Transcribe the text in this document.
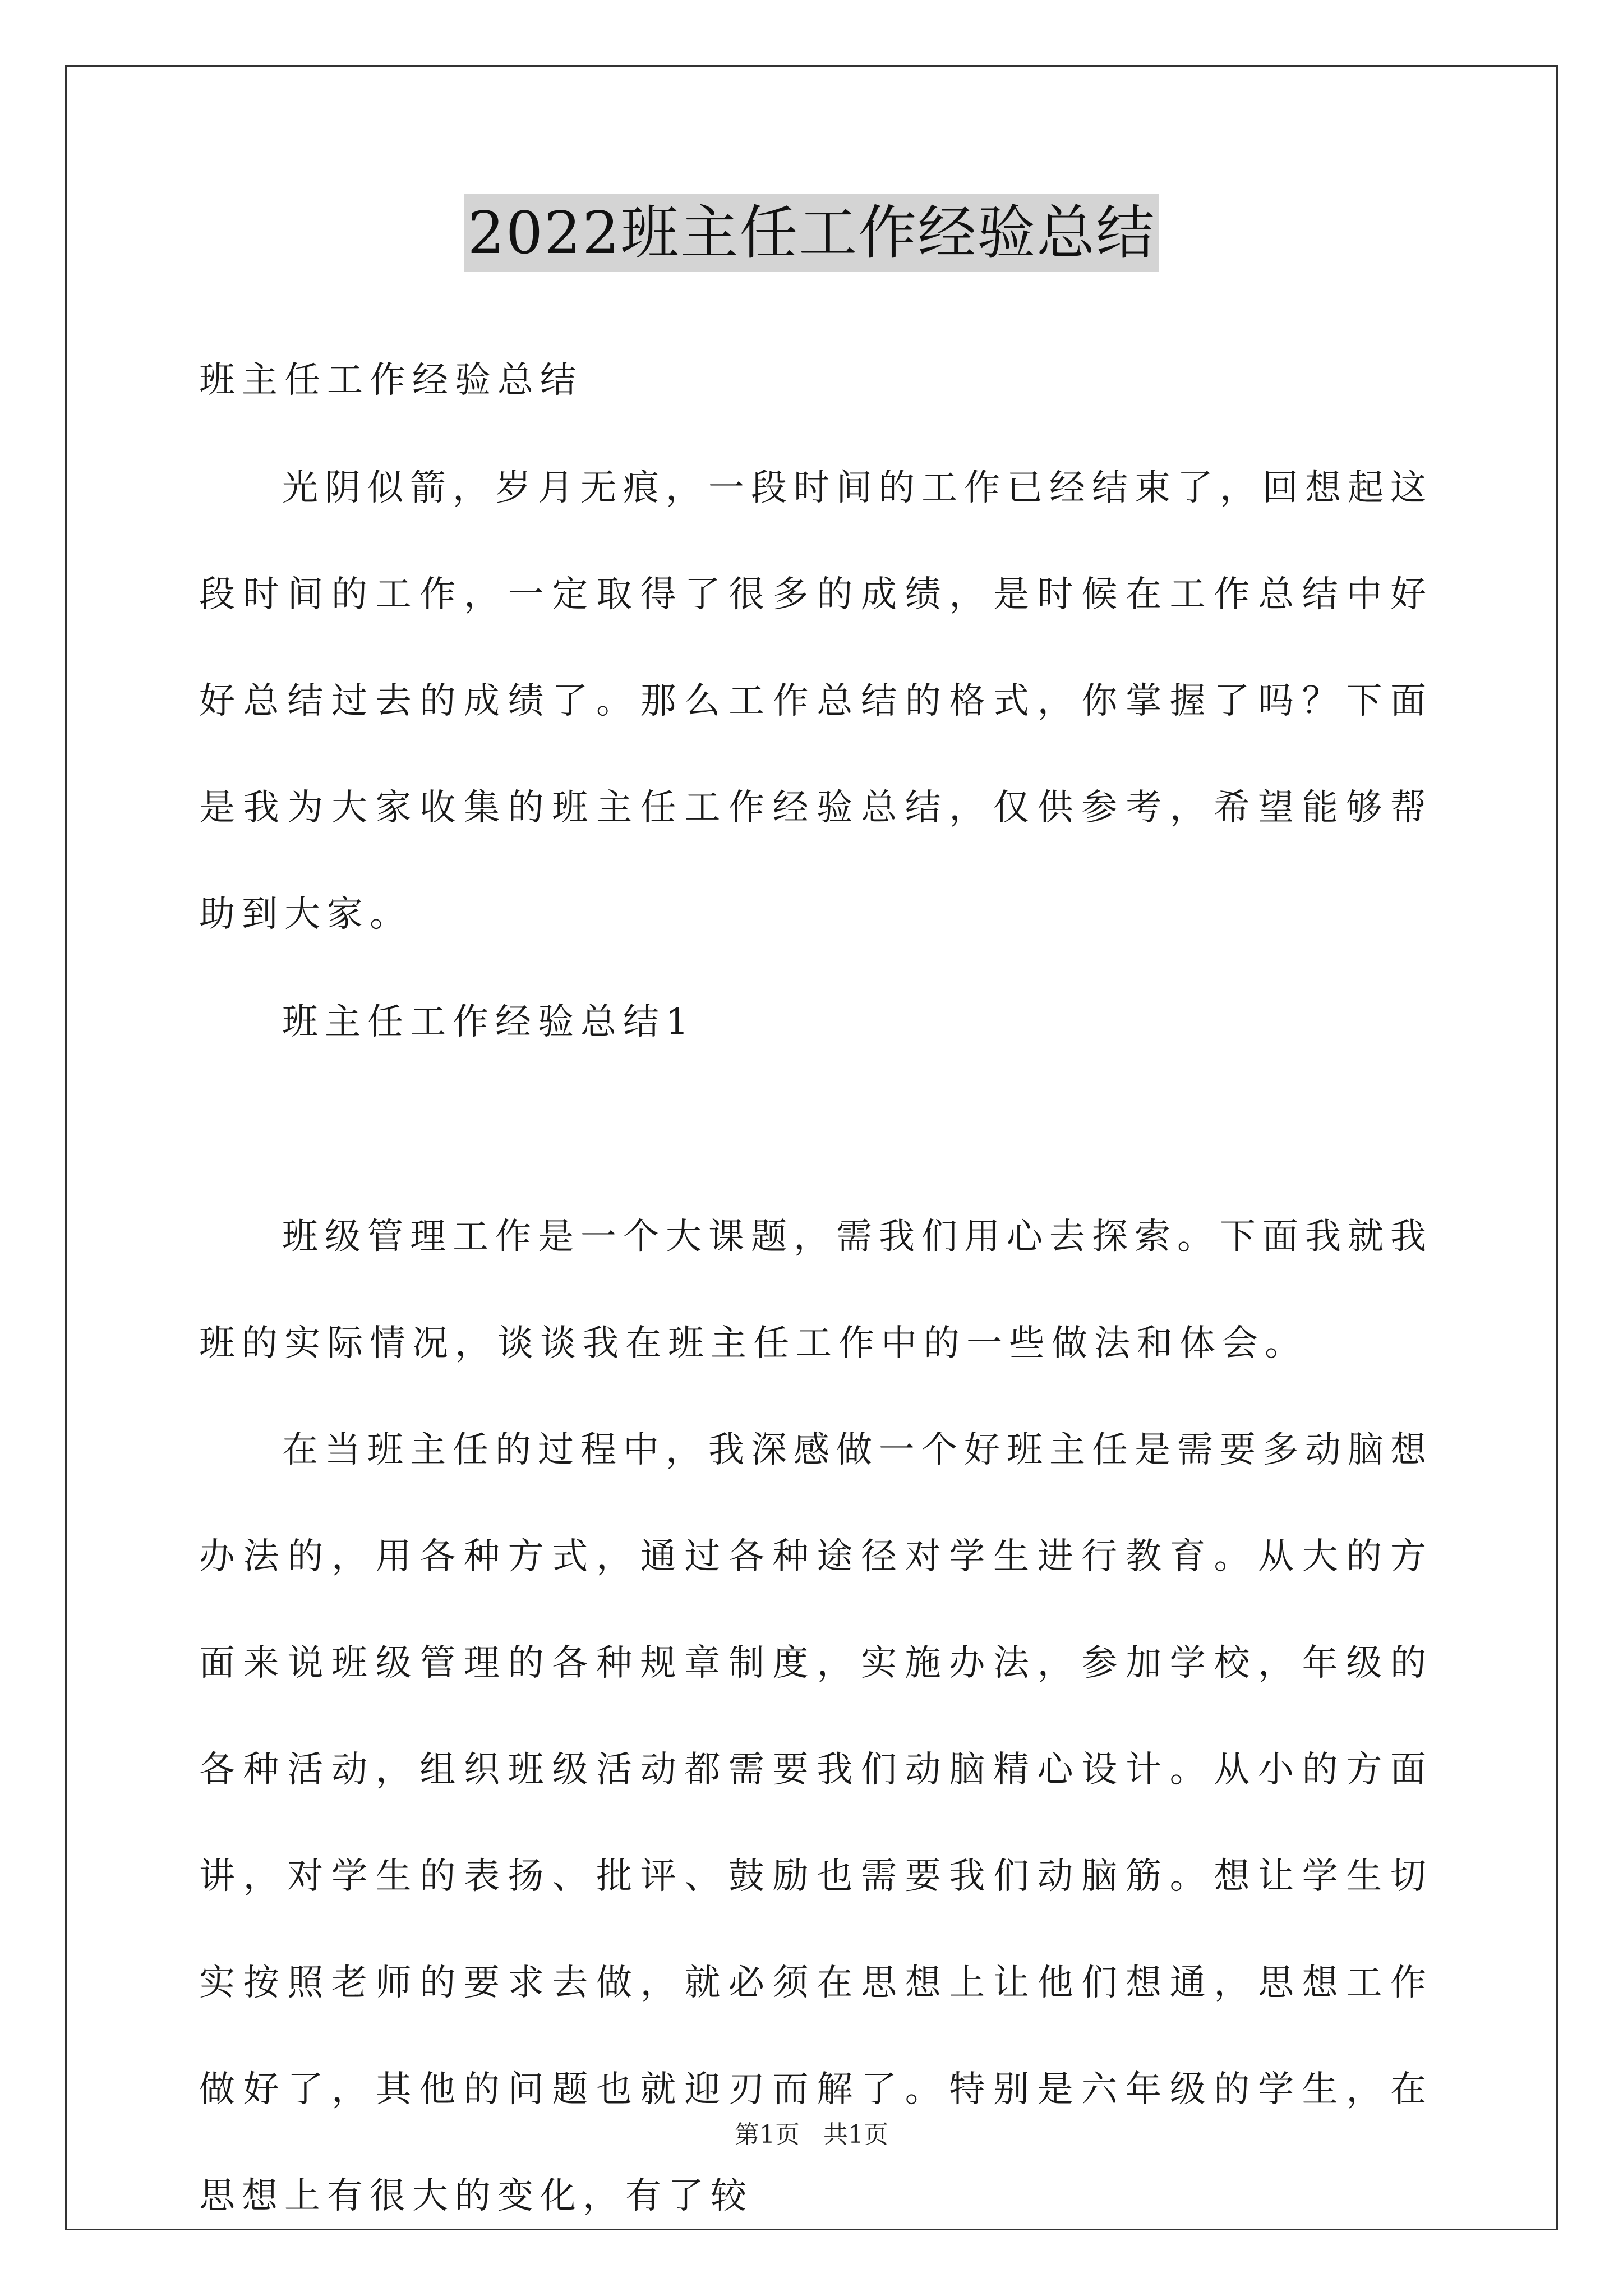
2022班主任工作经验总结
班主任工作经验总结

光阴似箭，岁月无痕，一段时间的工作已经结束了，回想起这段时间的工作，一定取得了很多的成绩，是时候在工作总结中好好总结过去的成绩了。那么工作总结的格式，你掌握了吗？下面是我为大家收集的班主任工作经验总结，仅供参考，希望能够帮助到大家。

班主任工作经验总结1

班级管理工作是一个大课题，需我们用心去探索。下面我就我班的实际情况，谈谈我在班主任工作中的一些做法和体会。

在当班主任的过程中，我深感做一个好班主任是需要多动脑想办法的，用各种方式，通过各种途径对学生进行教育。从大的方面来说班级管理的各种规章制度，实施办法，参加学校，年级的各种活动，组织班级活动都需要我们动脑精心设计。从小的方面讲，对学生的表扬、批评、鼓励也需要我们动脑筋。想让学生切实按照老师的要求去做，就必须在思想上让他们想通，思想工作做好了，其他的问题也就迎刃而解了。特别是六年级的学生，在思想上有很大的变化，有了较

第1页 共1页
